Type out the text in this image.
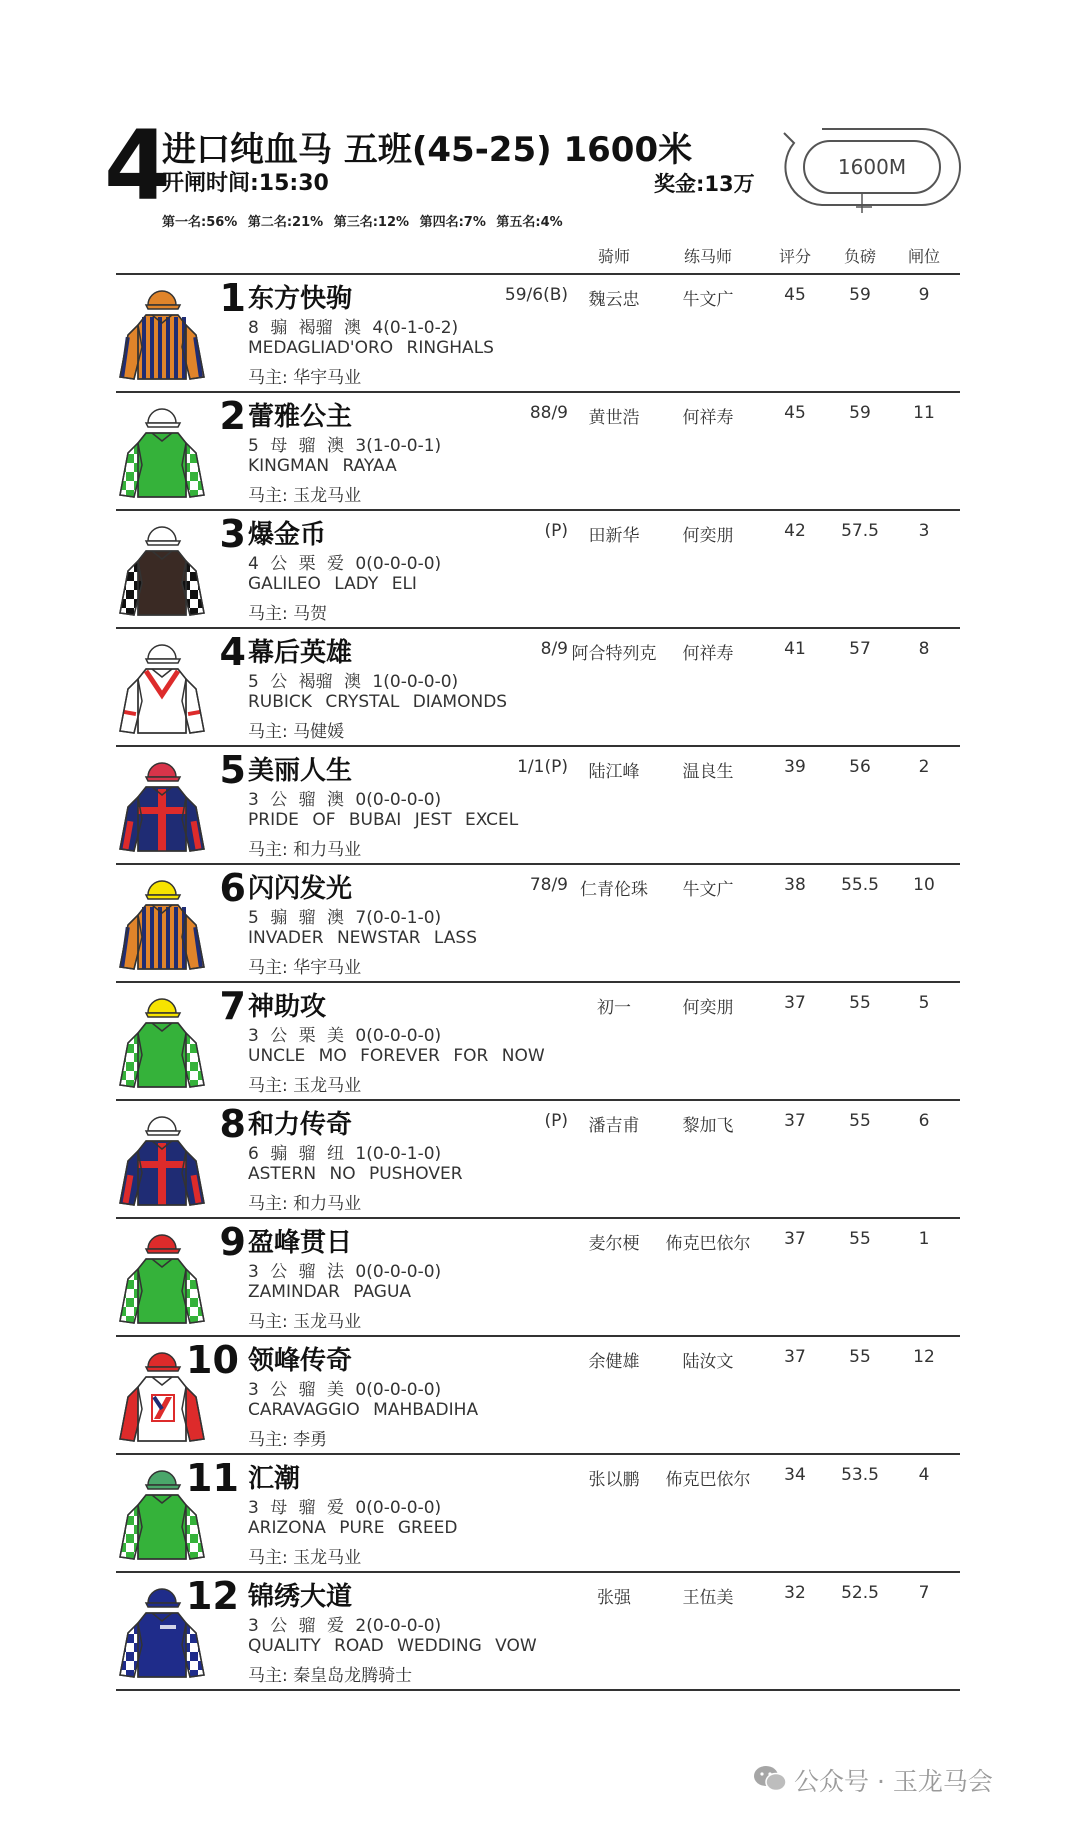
4
进口纯血马 五班(45-25) 1600米
开闸时间:15:30	奖金:13万
1600M
第一名:56% 第二名:21% 第三名:12% 第四名:7% 第五名:4%
骑师	练马师	评分	负磅	闸位
1 东方快驹	59/6(B)
8 骟 褐骝 澳 4(0-1-0-2)
MEDAGLIAD'ORO RINGHALS
马主: 华宇马业
魏云忠	牛文广	45	59	9
2 蕾雅公主	88/9
5 母 骝 澳 3(1-0-0-1)
KINGMAN RAYAA
马主: 玉龙马业
黄世浩	何祥寿	45	59	11
3 爆金币	(P)
4 公 栗 爱 0(0-0-0-0)
GALILEO LADY ELI
马主: 马贺
田新华	何奕朋	42	57.5	3
4 幕后英雄	8/9
5 公 褐骝 澳 1(0-0-0-0)
RUBICK CRYSTAL DIAMONDS
马主: 马健媛
阿合特列克	何祥寿	41	57	8
5 美丽人生	1/1(P)
3 公 骝 澳 0(0-0-0-0)
PRIDE OF BUBAI JEST EXCEL
马主: 和力马业
陆江峰	温良生	39	56	2
6 闪闪发光	78/9
5 骟 骝 澳 7(0-0-1-0)
INVADER NEWSTAR LASS
马主: 华宇马业
仁青伦珠	牛文广	38	55.5	10
7 神助攻
3 公 栗 美 0(0-0-0-0)
UNCLE MO FOREVER FOR NOW
马主: 玉龙马业
初一	何奕朋	37	55	5
8 和力传奇	(P)
6 骟 骝 纽 1(0-0-1-0)
ASTERN NO PUSHOVER
马主: 和力马业
潘吉甫	黎加飞	37	55	6
9 盈峰贯日
3 公 骝 法 0(0-0-0-0)
ZAMINDAR PAGUA
马主: 玉龙马业
麦尔梗	佈克巴依尔	37	55	1
10 领峰传奇
3 公 骝 美 0(0-0-0-0)
CARAVAGGIO MAHBADIHA
马主: 李勇
余健雄	陆汝文	37	55	12
11 汇潮
3 母 骝 爱 0(0-0-0-0)
ARIZONA PURE GREED
马主: 玉龙马业
张以鹏	佈克巴依尔	34	53.5	4
12 锦绣大道
3 公 骝 爱 2(0-0-0-0)
QUALITY ROAD WEDDING VOW
马主: 秦皇岛龙腾骑士
张强	王伍美	32	52.5	7
公众号 · 玉龙马会
